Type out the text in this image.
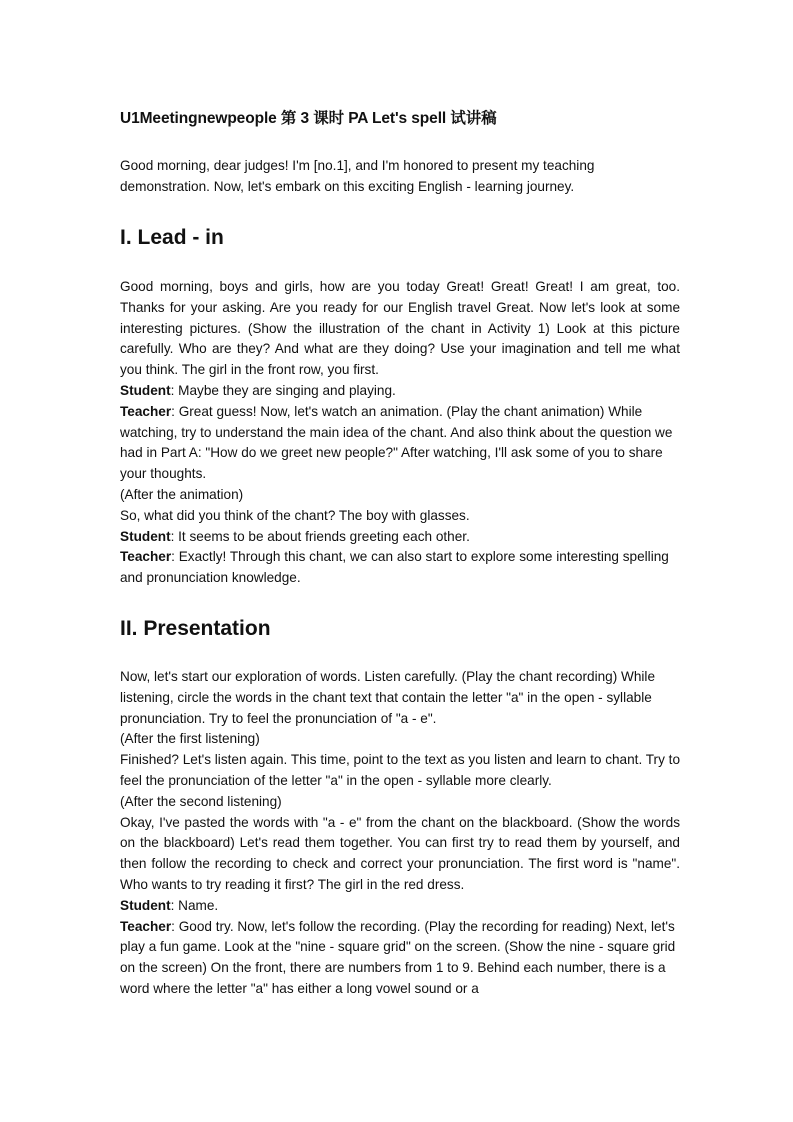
U1Meetingnewpeople 第 3 课时 PA Let's spell 试讲稿

Good morning, dear judges! I'm [no.1], and I'm honored to present my teaching demonstration. Now, let's embark on this exciting English - learning journey.

I. Lead - in

Good morning, boys and girls, how are you today Great! Great! Great! I am great, too. Thanks for your asking. Are you ready for our English travel Great. Now let's look at some interesting pictures. (Show the illustration of the chant in Activity 1) Look at this picture carefully. Who are they? And what are they doing? Use your imagination and tell me what you think. The girl in the front row, you first.

Student: Maybe they are singing and playing.

Teacher: Great guess! Now, let's watch an animation. (Play the chant animation) While watching, try to understand the main idea of the chant. And also think about the question we had in Part A: "How do we greet new people?" After watching, I'll ask some of you to share your thoughts.

(After the animation)

So, what did you think of the chant? The boy with glasses.

Student: It seems to be about friends greeting each other.

Teacher: Exactly! Through this chant, we can also start to explore some interesting spelling and pronunciation knowledge.

II. Presentation

Now, let's start our exploration of words. Listen carefully. (Play the chant recording) While listening, circle the words in the chant text that contain the letter "a" in the open - syllable pronunciation. Try to feel the pronunciation of "a - e".

(After the first listening)

Finished? Let's listen again. This time, point to the text as you listen and learn to chant. Try to feel the pronunciation of the letter "a" in the open - syllable more clearly.

(After the second listening)

Okay, I've pasted the words with "a - e" from the chant on the blackboard. (Show the words on the blackboard) Let's read them together. You can first try to read them by yourself, and then follow the recording to check and correct your pronunciation. The first word is "name". Who wants to try reading it first? The girl in the red dress.

Student: Name.

Teacher: Good try. Now, let's follow the recording. (Play the recording for reading) Next, let's play a fun game. Look at the "nine - square grid" on the screen. (Show the nine - square grid on the screen) On the front, there are numbers from 1 to 9. Behind each number, there is a word where the letter "a" has either a long vowel sound or a
